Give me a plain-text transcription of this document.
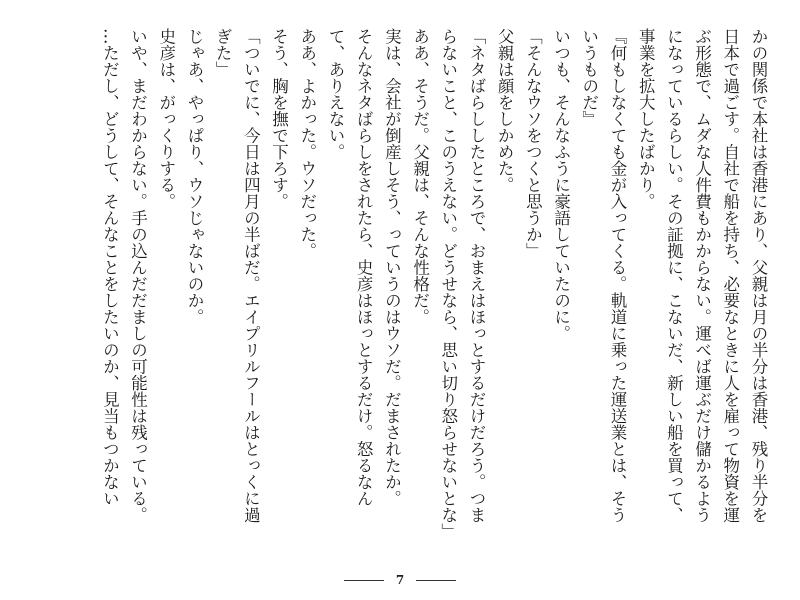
かの関係で本社は香港にあり、父親は月の半分は香港、残り半分を
日本で過ごす。自社で船を持ち、必要なときに人を雇って物資を運
ぶ形態で、ムダな人件費もかからない。運べば運ぶだけ儲かるよう
になっているらしい。その証拠に、こないだ、新しい船を買って、
事業を拡大したばかり。
『何もしなくても金が入ってくる。軌道に乗った運送業とは、そう
いうものだ』
いつも、そんなふうに豪語していたのに。
「そんなウソをつくと思うか」
父親は顔をしかめた。
「ネタばらししたところで、おまえはほっとするだけだろう。つま
らないこと、このうえない。どうせなら、思い切り怒らせないとな」
ああ、そうだ。父親は、そんな性格だ。
実は、会社が倒産しそう、っていうのはウソだ。だまされたか。
そんなネタばらしをされたら、史彦はほっとするだけ。怒るなん
て、ありえない。
ああ、よかった。ウソだった。
そう、胸を撫で下ろす。
「ついでに、今日は四月の半ばだ。エイプリルフールはとっくに過
ぎた」
じゃあ、やっぱり、ウソじゃないのか。
史彦は、がっくりする。
いや、まだわからない。手の込んだだましの可能性は残っている。
…ただし、どうして、そんなことをしたいのか、見当もつかない
7
